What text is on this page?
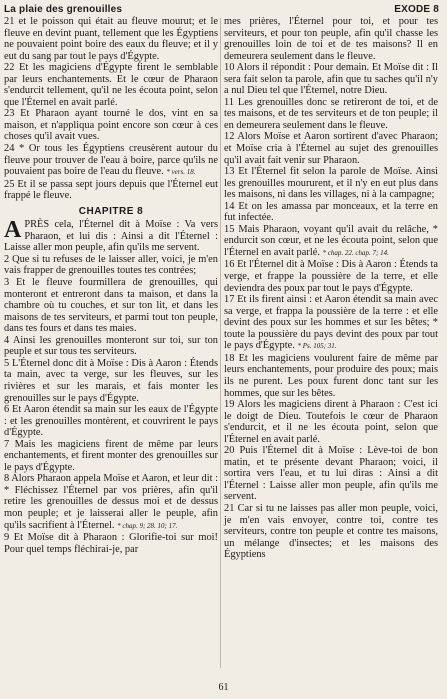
La plaie des grenouilles	EXODE 8

21 et le poisson qui était au fleuve mourut; et le fleuve en devint puant, tellement que les Égyptiens ne pouvaient point boire des eaux du fleuve; et il y eut du sang par tout le pays d'Égypte.

22 Et les magiciens d'Égypte firent le semblable par leurs enchantements. Et le cœur de Pharaon s'endurcit tellement, qu'il ne les écouta point, selon que l'Éternel en avait parlé.

23 Et Pharaon ayant tourné le dos, vint en sa maison, et n'appliqua point encore son cœur à ces choses qu'il avait vues.

24 * Or tous les Égyptiens creusèrent autour du fleuve pour trouver de l'eau à boire, parce qu'ils ne pouvaient pas boire de l'eau du fleuve. * vers. 18.

25 Et il se passa sept jours depuis que l'Éternel eut frappé le fleuve.

CHAPITRE 8

APRÈS cela, l'Éternel dit à Moïse : Va vers Pharaon, et lui dis : Ainsi a dit l'Éternel : Laisse aller mon peuple, afin qu'ils me servent.

2 Que si tu refuses de le laisser aller, voici, je m'en vais frapper de grenouilles toutes tes contrées;

3 Et le fleuve fourmillera de grenouilles, qui monteront et entreront dans ta maison, et dans la chambre où tu couches, et sur ton lit, et dans les maisons de tes serviteurs, et parmi tout ton peuple, dans tes fours et dans tes maies.

4 Ainsi les grenouilles monteront sur toi, sur ton peuple et sur tous tes serviteurs.

5 L'Éternel donc dit à Moïse : Dis à Aaron : Étends ta main, avec ta verge, sur les fleuves, sur les rivières et sur les marais, et fais monter les grenouilles sur le pays d'Égypte.

6 Et Aaron étendit sa main sur les eaux de l'Égypte : et les grenouilles montèrent, et couvrirent le pays d'Égypte.

7 Mais les magiciens firent de même par leurs enchantements, et firent monter des grenouilles sur le pays d'Égypte.

8 Alors Pharaon appela Moïse et Aaron, et leur dit : * Fléchissez l'Éternel par vos prières, afin qu'il retire les grenouilles de dessus moi et de dessus mon peuple; et je laisserai aller le peuple, afin qu'ils sacrifient à l'Éternel. * chap. 9; 28. 10; 17.

9 Et Moïse dit à Pharaon : Glorifie-toi sur moi! Pour quel temps fléchirai-je, par

mes prières, l'Éternel pour toi, et pour tes serviteurs, et pour ton peuple, afin qu'il chasse les grenouilles loin de toi et de tes maisons? Il en demeurera seulement dans le fleuve.

10 Alors il répondit : Pour demain. Et Moïse dit : Il sera fait selon ta parole, afin que tu saches qu'il n'y a nul Dieu tel que l'Éternel, notre Dieu.

11 Les grenouilles donc se retireront de toi, et de tes maisons, et de tes serviteurs et de ton peuple; il en demeurera seulement dans le fleuve.

12 Alors Moïse et Aaron sortirent d'avec Pharaon; et Moïse cria à l'Éternel au sujet des grenouilles qu'il avait fait venir sur Pharaon.

13 Et l'Éternel fit selon la parole de Moïse. Ainsi les grenouilles moururent, et il n'y en eut plus dans les maisons, ni dans les villages, ni à la campagne;

14 Et on les amassa par monceaux, et la terre en fut infectée.

15 Mais Pharaon, voyant qu'il avait du relâche, * endurcit son cœur, et ne les écouta point, selon que l'Éternel en avait parlé. * chap. 22. chap. 7; 14.

16 Et l'Éternel dit à Moïse : Dis à Aaron : Étends ta verge, et frappe la poussière de la terre, et elle deviendra des poux par tout le pays d'Égypte.

17 Et ils firent ainsi : et Aaron étendit sa main avec sa verge, et frappa la poussière de la terre : et elle devint des poux sur les hommes et sur les bêtes; * toute la poussière du pays devint des poux par tout le pays d'Égypte. * Ps. 105; 31.

18 Et les magiciens voulurent faire de même par leurs enchantements, pour produire des poux; mais ils ne purent. Les poux furent donc tant sur les hommes, que sur les bêtes.

19 Alors les magiciens dirent à Pharaon : C'est ici le doigt de Dieu. Toutefois le cœur de Pharaon s'endurcit, et il ne les écouta point, selon que l'Éternel en avait parlé.

20 Puis l'Éternel dit à Moïse : Lève-toi de bon matin, et te présente devant Pharaon; voici, il sortira vers l'eau, et tu lui diras : Ainsi a dit l'Éternel : Laisse aller mon peuple, afin qu'ils me servent.

21 Car si tu ne laisses pas aller mon peuple, voici, je m'en vais envoyer, contre toi, contre tes serviteurs, contre ton peuple et contre tes maisons, un mélange d'insectes; et les maisons des Égyptiens

61
